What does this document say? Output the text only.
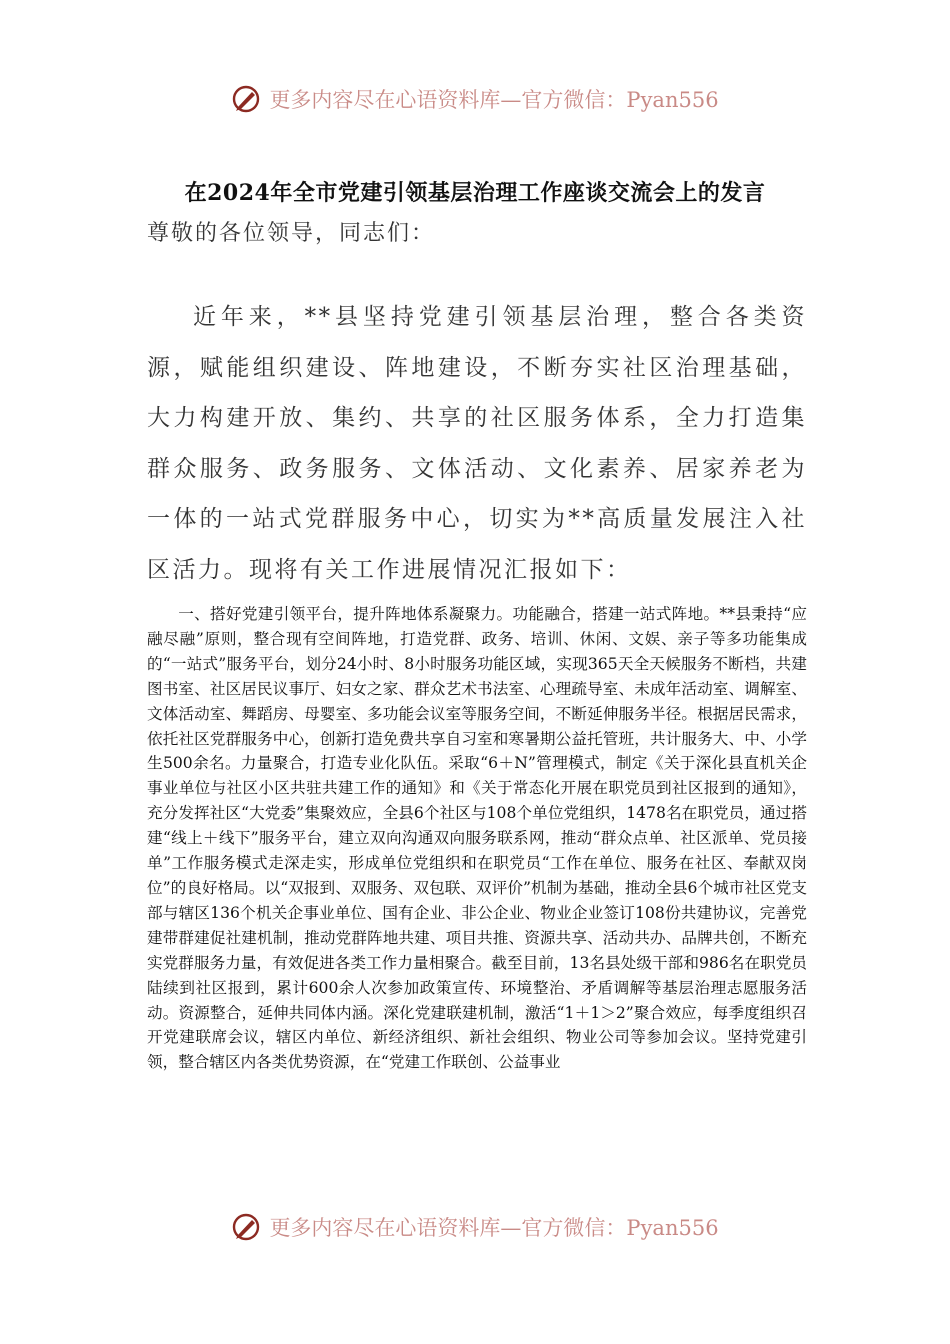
更多内容尽在心语资料库—官方微信：Pyan556
在2024年全市党建引领基层治理工作座谈交流会上的发言
尊敬的各位领导，同志们：

近年来，**县坚持党建引领基层治理，整合各类资源，赋能组织建设、阵地建设，不断夯实社区治理基础，大力构建开放、集约、共享的社区服务体系，全力打造集群众服务、政务服务、文体活动、文化素养、居家养老为一体的一站式党群服务中心，切实为**高质量发展注入社区活力。现将有关工作进展情况汇报如下：

一、搭好党建引领平台，提升阵地体系凝聚力。功能融合，搭建一站式阵地。**县秉持“应融尽融”原则，整合现有空间阵地，打造党群、政务、培训、休闲、文娱、亲子等多功能集成的“一站式”服务平台，划分24小时、8小时服务功能区域，实现365天全天候服务不断档，共建图书室、社区居民议事厅、妇女之家、群众艺术书法室、心理疏导室、未成年活动室、调解室、文体活动室、舞蹈房、母婴室、多功能会议室等服务空间，不断延伸服务半径。根据居民需求，依托社区党群服务中心，创新打造免费共享自习室和寒暑期公益托管班，共计服务大、中、小学生500余名。力量聚合，打造专业化队伍。采取“6＋N”管理模式，制定《关于深化县直机关企事业单位与社区小区共驻共建工作的通知》和《关于常态化开展在职党员到社区报到的通知》，充分发挥社区“大党委”集聚效应，全县6个社区与108个单位党组织，1478名在职党员，通过搭建“线上＋线下”服务平台，建立双向沟通双向服务联系网，推动“群众点单、社区派单、党员接单”工作服务模式走深走实，形成单位党组织和在职党员“工作在单位、服务在社区、奉献双岗位”的良好格局。以“双报到、双服务、双包联、双评价”机制为基础，推动全县6个城市社区党支部与辖区136个机关企事业单位、国有企业、非公企业、物业企业签订108份共建协议，完善党建带群建促社建机制，推动党群阵地共建、项目共推、资源共享、活动共办、品牌共创，不断充实党群服务力量，有效促进各类工作力量相聚合。截至目前，13名县处级干部和986名在职党员陆续到社区报到，累计600余人次参加政策宣传、环境整治、矛盾调解等基层治理志愿服务活动。资源整合，延伸共同体内涵。深化党建联建机制，激活“1＋1＞2”聚合效应，每季度组织召开党建联席会议，辖区内单位、新经济组织、新社会组织、物业公司等参加会议。坚持党建引领，整合辖区内各类优势资源，在“党建工作联创、公益事业

更多内容尽在心语资料库—官方微信：Pyan556
